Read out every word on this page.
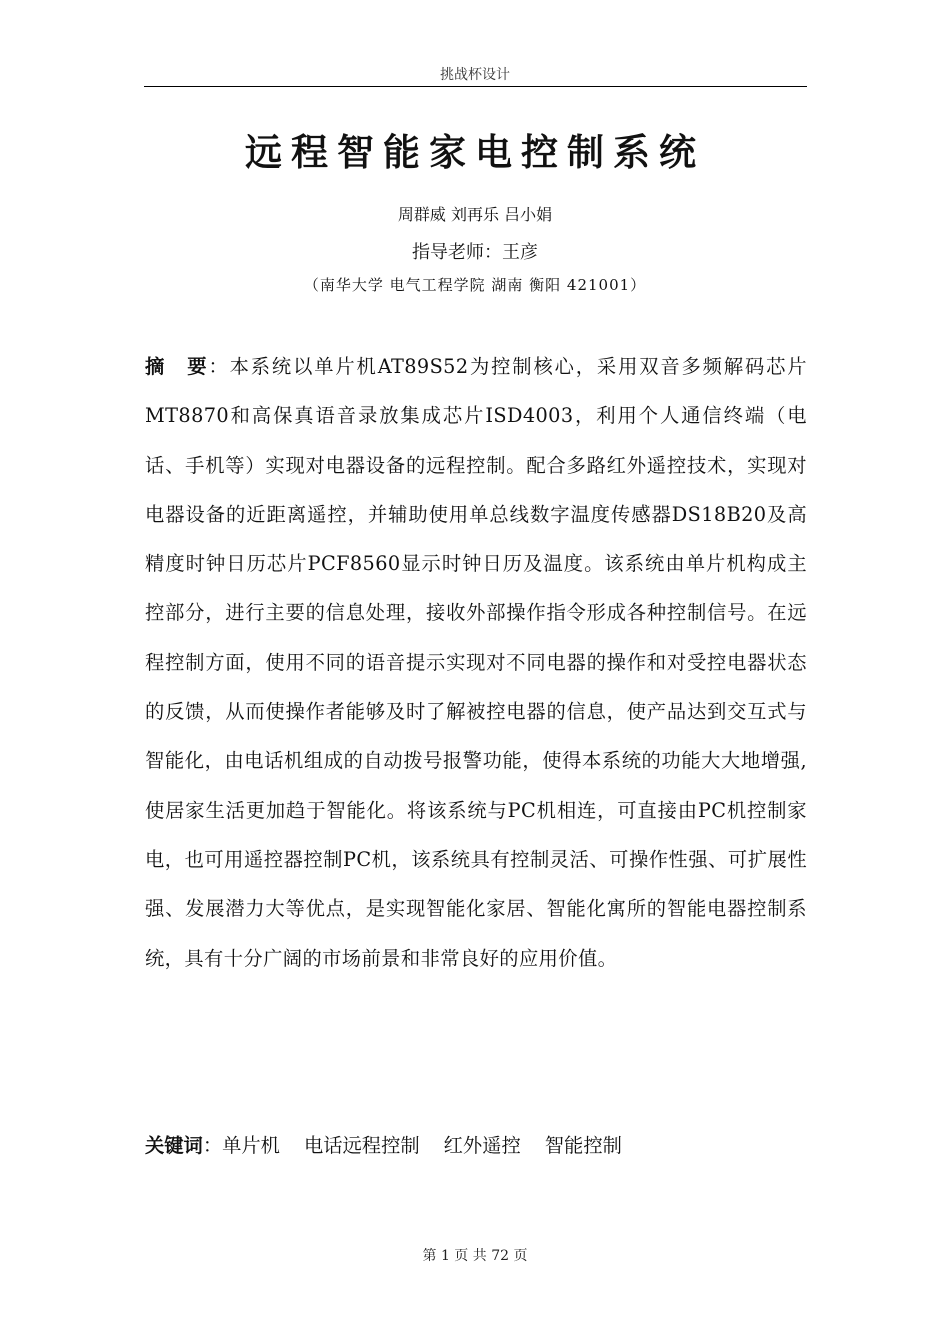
挑战杯设计
远程智能家电控制系统
周群威 刘再乐 吕小娟
指导老师：王彦
（南华大学 电气工程学院 湖南 衡阳 421001）
摘　要：本系统以单片机AT89S52为控制核心，采用双音多频解码芯片MT8870和高保真语音录放集成芯片ISD4003，利用个人通信终端（电话、手机等）实现对电器设备的远程控制。配合多路红外遥控技术，实现对电器设备的近距离遥控，并辅助使用单总线数字温度传感器DS18B20及高精度时钟日历芯片PCF8560显示时钟日历及温度。该系统由单片机构成主控部分，进行主要的信息处理，接收外部操作指令形成各种控制信号。在远程控制方面，使用不同的语音提示实现对不同电器的操作和对受控电器状态的反馈，从而使操作者能够及时了解被控电器的信息，使产品达到交互式与智能化，由电话机组成的自动拨号报警功能，使得本系统的功能大大地增强,使居家生活更加趋于智能化。将该系统与PC机相连，可直接由PC机控制家电，也可用遥控器控制PC机，该系统具有控制灵活、可操作性强、可扩展性强、发展潜力大等优点，是实现智能化家居、智能化寓所的智能电器控制系统，具有十分广阔的市场前景和非常良好的应用价值。
关键词：单片机 电话远程控制 红外遥控 智能控制
第 1 页 共 72 页
